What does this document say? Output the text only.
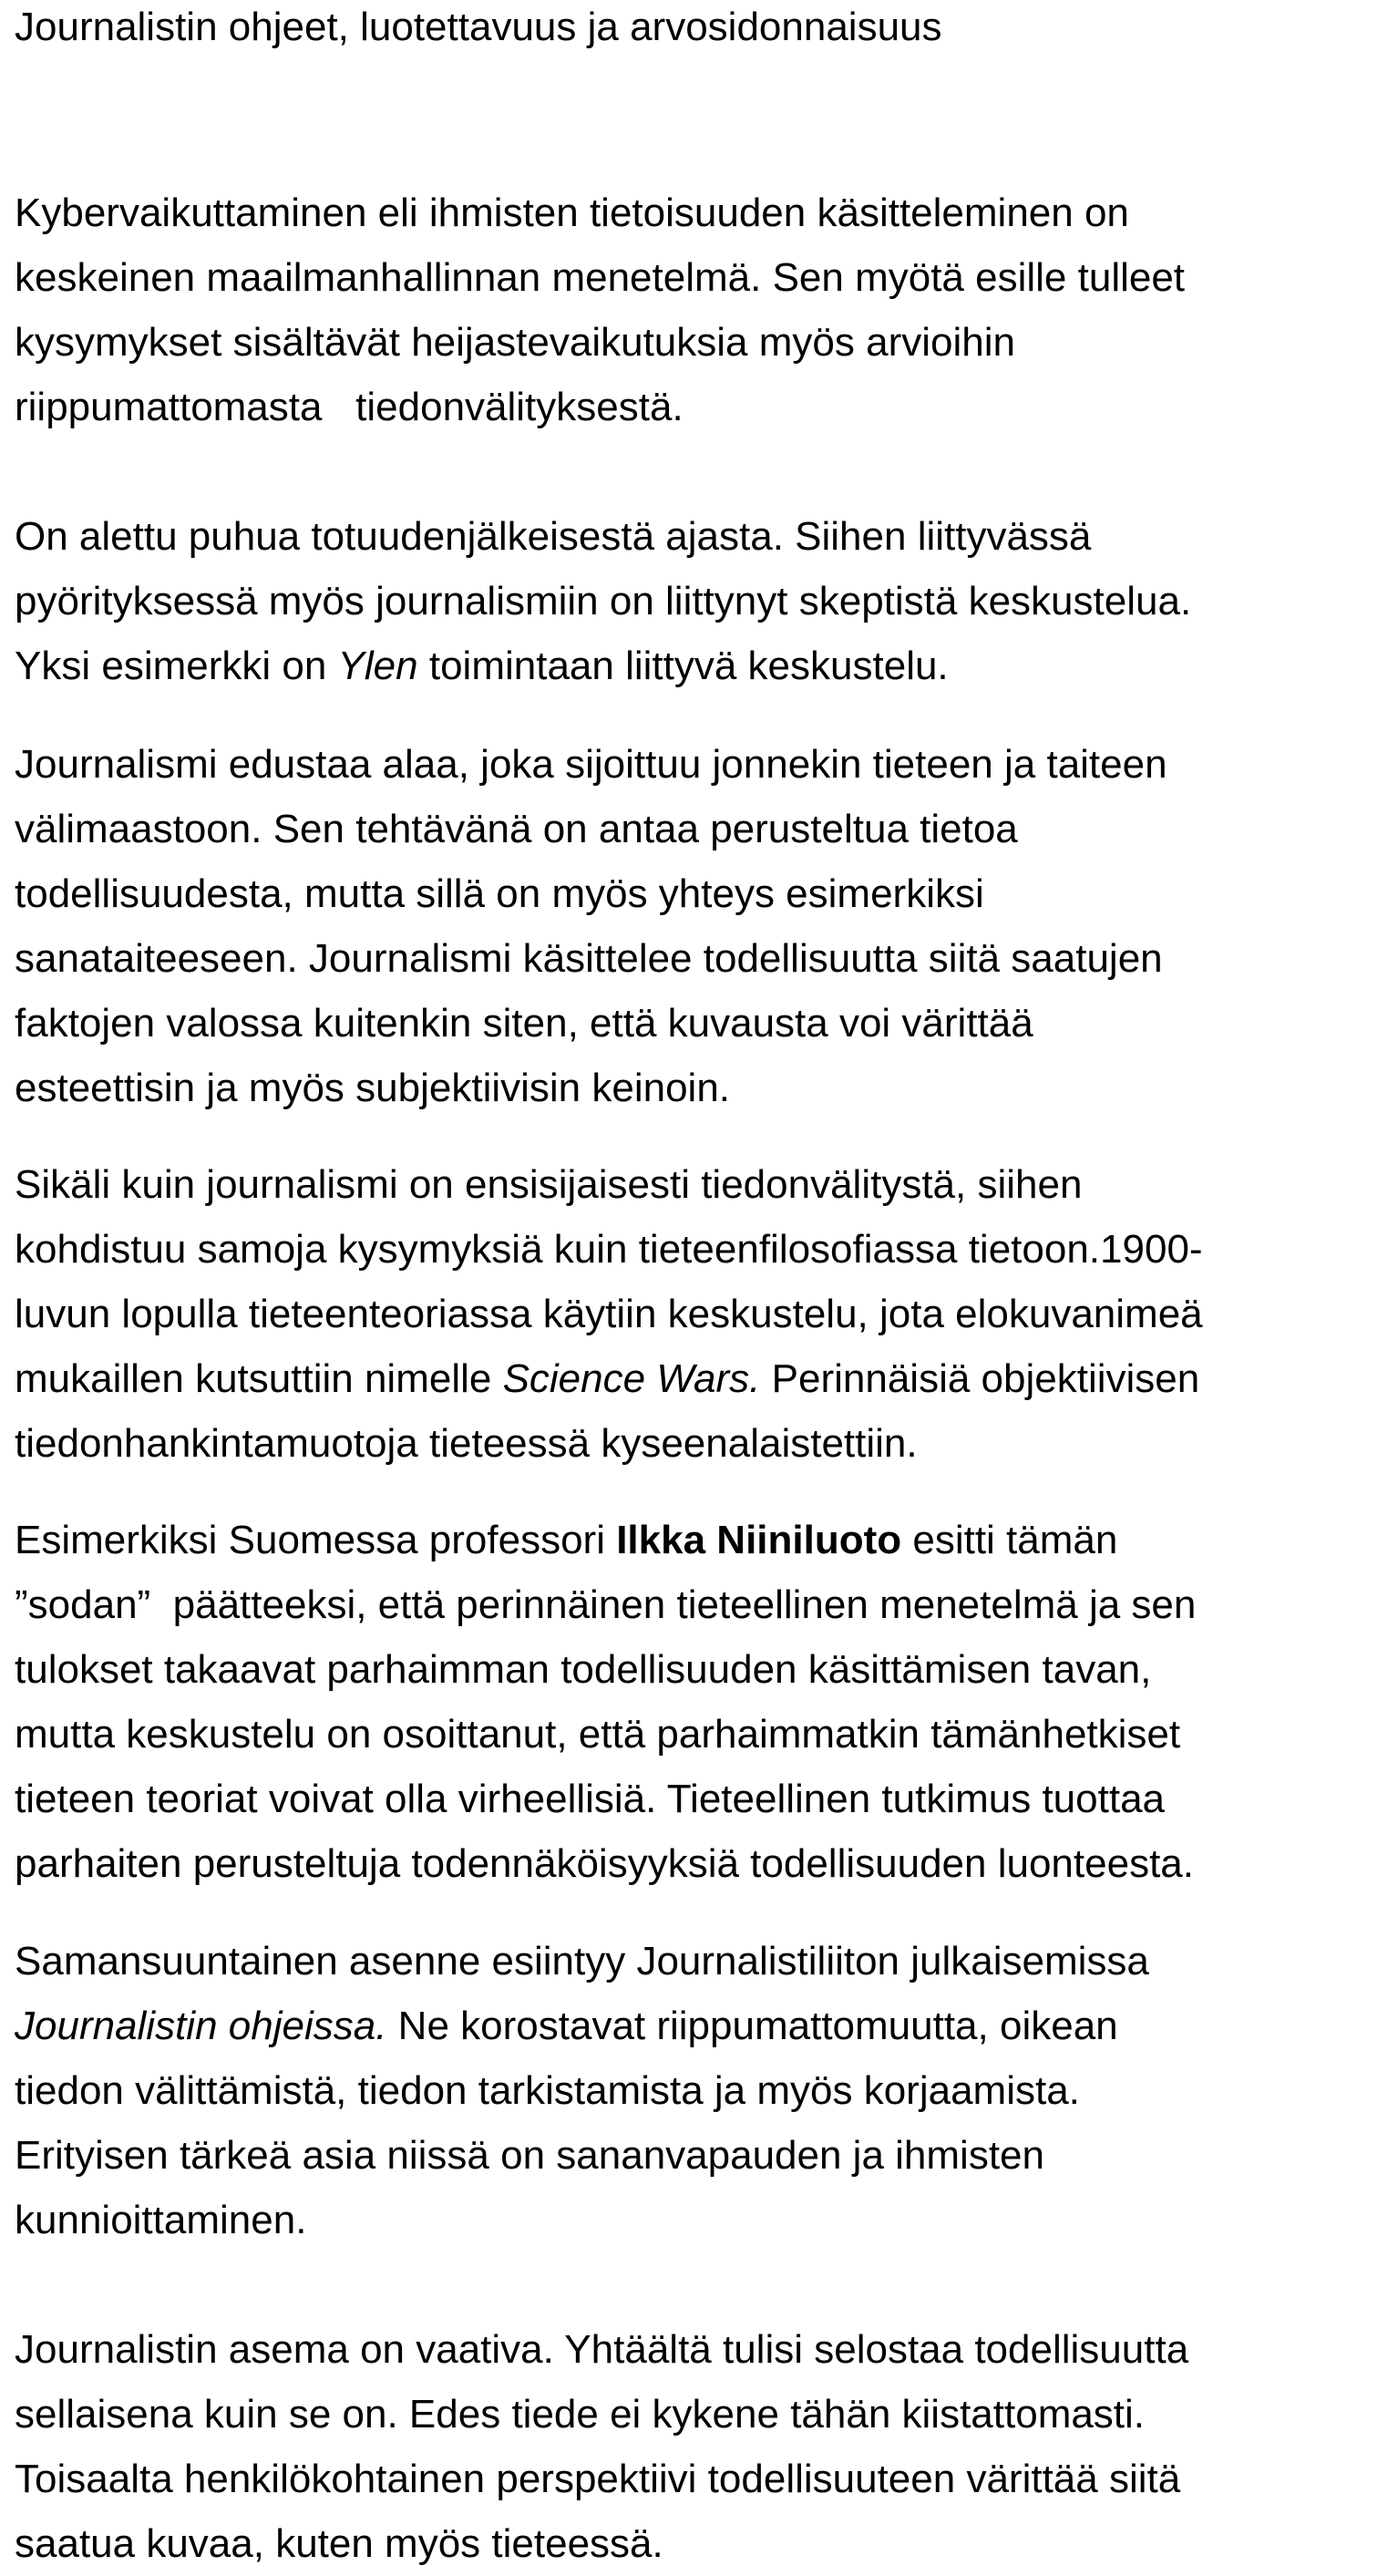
Journalistin ohjeet, luotettavuus ja arvosidonnaisuus

Kybervaikuttaminen eli ihmisten tietoisuuden käsitteleminen on
keskeinen maailmanhallinnan menetelmä. Sen myötä esille tulleet
kysymykset sisältävät heijastevaikutuksia myös arvioihin
riippumattomasta   tiedonvälityksestä.

On alettu puhua totuudenjälkeisestä ajasta. Siihen liittyvässä
pyörityksessä myös journalismiin on liittynyt skeptistä keskustelua.
Yksi esimerkki on Ylen toimintaan liittyvä keskustelu.

Journalismi edustaa alaa, joka sijoittuu jonnekin tieteen ja taiteen
välimaastoon. Sen tehtävänä on antaa perusteltua tietoa
todellisuudesta, mutta sillä on myös yhteys esimerkiksi
sanataiteeseen. Journalismi käsittelee todellisuutta siitä saatujen
faktojen valossa kuitenkin siten, että kuvausta voi värittää
esteettisin ja myös subjektiivisin keinoin.

Sikäli kuin journalismi on ensisijaisesti tiedonvälitystä, siihen
kohdistuu samoja kysymyksiä kuin tieteenfilosofiassa tietoon.1900-
luvun lopulla tieteenteoriassa käytiin keskustelu, jota elokuvanimeä
mukaillen kutsuttiin nimelle Science Wars. Perinnäisiä objektiivisen
tiedonhankintamuotoja tieteessä kyseenalaistettiin.

Esimerkiksi Suomessa professori Ilkka Niiniluoto esitti tämän
”sodan”  päätteeksi, että perinnäinen tieteellinen menetelmä ja sen
tulokset takaavat parhaimman todellisuuden käsittämisen tavan,
mutta keskustelu on osoittanut, että parhaimmatkin tämänhetkiset
tieteen teoriat voivat olla virheellisiä. Tieteellinen tutkimus tuottaa
parhaiten perusteltuja todennäköisyyksiä todellisuuden luonteesta.

Samansuuntainen asenne esiintyy Journalistiliiton julkaisemissa
Journalistin ohjeissa. Ne korostavat riippumattomuutta, oikean
tiedon välittämistä, tiedon tarkistamista ja myös korjaamista.
Erityisen tärkeä asia niissä on sananvapauden ja ihmisten
kunnioittaminen.

Journalistin asema on vaativa. Yhtäältä tulisi selostaa todellisuutta
sellaisena kuin se on. Edes tiede ei kykene tähän kiistattomasti.
Toisaalta henkilökohtainen perspektiivi todellisuuteen värittää siitä
saatua kuvaa, kuten myös tieteessä.
